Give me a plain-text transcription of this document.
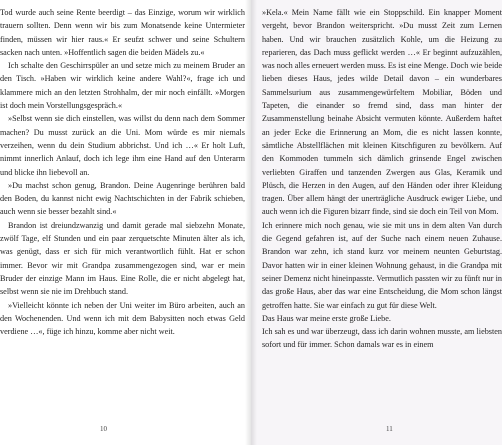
Tod wurde auch seine Rente beerdigt – das Einzige, worum wir wirklich trauern sollten. Denn wenn wir bis zum Monatsende keine Untermieter finden, müssen wir hier raus.« Er seufzt schwer und seine Schultern sacken nach unten. »Hoffentlich sagen die beiden Mädels zu.«

Ich schalte den Geschirrspüler an und setze mich zu meinem Bruder an den Tisch. »Haben wir wirklich keine andere Wahl?«, frage ich und klammere mich an den letzten Strohhalm, der mir noch einfällt. »Morgen ist doch mein Vorstellungsgespräch.«

»Selbst wenn sie dich einstellen, was willst du denn nach dem Sommer machen? Du musst zurück an die Uni. Mom würde es mir niemals verzeihen, wenn du dein Studium abbrichst. Und ich …« Er holt Luft, nimmt innerlich Anlauf, doch ich lege ihm eine Hand auf den Unterarm und blicke ihn liebevoll an.

»Du machst schon genug, Brandon. Deine Augenringe berühren bald den Boden, du kannst nicht ewig Nachtschichten in der Fabrik schieben, auch wenn sie besser bezahlt sind.«

Brandon ist dreiundzwanzig und damit gerade mal siebzehn Monate, zwölf Tage, elf Stunden und ein paar zerquetschte Minuten älter als ich, was genügt, dass er sich für mich verantwortlich fühlt. Hat er schon immer. Bevor wir mit Grandpa zusammengezogen sind, war er mein Bruder der einzige Mann im Haus. Eine Rolle, die er nicht abgelegt hat, selbst wenn sie nie im Drehbuch stand.

»Vielleicht könnte ich neben der Uni weiter im Büro arbeiten, auch an den Wochenenden. Und wenn ich mit dem Babysitten noch etwas Geld verdiene …«, füge ich hinzu, komme aber nicht weit.

10

»Kela.« Mein Name fällt wie ein Stoppschild. Ein knapper Moment vergeht, bevor Brandon weiterspricht. »Du musst Zeit zum Lernen haben. Und wir brauchen zusätzlich Kohle, um die Heizung zu reparieren, das Dach muss geflickt werden …« Er beginnt aufzuzählen, was noch alles erneuert werden muss. Es ist eine Menge. Doch wie beide lieben dieses Haus, jedes wilde Detail davon – ein wunderbares Sammelsurium aus zusammengewürfeltem Mobiliar, Böden und Tapeten, die einander so fremd sind, dass man hinter der Zusammenstellung beinahe Absicht vermuten könnte. Außerdem haftet an jeder Ecke die Erinnerung an Mom, die es nicht lassen konnte, sämtliche Abstellflächen mit kleinen Kitschfiguren zu bevölkern. Auf den Kommoden tummeln sich dämlich grinsende Engel zwischen verliebten Giraffen und tanzenden Zwergen aus Glas, Keramik und Plüsch, die Herzen in den Augen, auf den Händen oder ihrer Kleidung tragen. Über allem hängt der unerträgliche Ausdruck ewiger Liebe, und auch wenn ich die Figuren bizarr finde, sind sie doch ein Teil von Mom.

Ich erinnere mich noch genau, wie sie mit uns in dem alten Van durch die Gegend gefahren ist, auf der Suche nach einem neuen Zuhause. Brandon war zehn, ich stand kurz vor meinem neunten Geburtstag. Davor hatten wir in einer kleinen Wohnung gehaust, in die Grandpa mit seiner Demenz nicht hineinpasste. Vermutlich passten wir zu fünft nur in das große Haus, aber das war eine Entscheidung, die Mom schon längst getroffen hatte. Sie war einfach zu gut für diese Welt.

Das Haus war meine erste große Liebe.

Ich sah es und war überzeugt, dass ich darin wohnen musste, am liebsten sofort und für immer. Schon damals war es in einem

11
